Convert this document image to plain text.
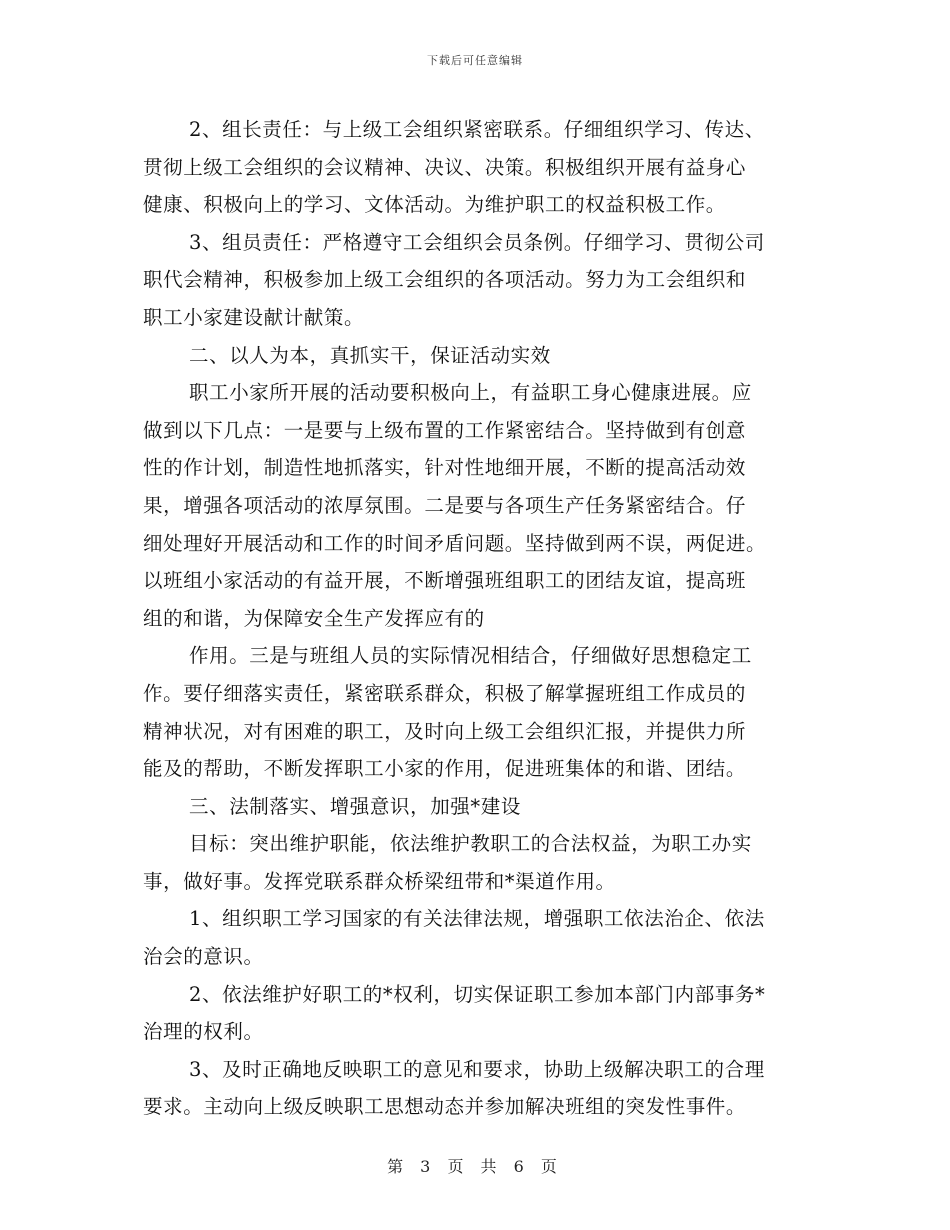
下载后可任意编辑
2、组长责任：与上级工会组织紧密联系。仔细组织学习、传达、
贯彻上级工会组织的会议精神、决议、决策。积极组织开展有益身心
健康、积极向上的学习、文体活动。为维护职工的权益积极工作。
3、组员责任：严格遵守工会组织会员条例。仔细学习、贯彻公司
职代会精神，积极参加上级工会组织的各项活动。努力为工会组织和
职工小家建设献计献策。
二、以人为本，真抓实干，保证活动实效
职工小家所开展的活动要积极向上，有益职工身心健康进展。应
做到以下几点：一是要与上级布置的工作紧密结合。坚持做到有创意
性的作计划，制造性地抓落实，针对性地细开展，不断的提高活动效
果，增强各项活动的浓厚氛围。二是要与各项生产任务紧密结合。仔
细处理好开展活动和工作的时间矛盾问题。坚持做到两不误，两促进。
以班组小家活动的有益开展，不断增强班组职工的团结友谊，提高班
组的和谐，为保障安全生产发挥应有的
作用。三是与班组人员的实际情况相结合，仔细做好思想稳定工
作。要仔细落实责任，紧密联系群众，积极了解掌握班组工作成员的
精神状况，对有困难的职工，及时向上级工会组织汇报，并提供力所
能及的帮助，不断发挥职工小家的作用，促进班集体的和谐、团结。
三、法制落实、增强意识，加强*建设
目标：突出维护职能，依法维护教职工的合法权益，为职工办实
事，做好事。发挥党联系群众桥梁纽带和*渠道作用。
1、组织职工学习国家的有关法律法规，增强职工依法治企、依法
治会的意识。
2、依法维护好职工的*权利，切实保证职工参加本部门内部事务*
治理的权利。
3、及时正确地反映职工的意见和要求，协助上级解决职工的合理
要求。主动向上级反映职工思想动态并参加解决班组的突发性事件。
第 3 页 共 6 页
